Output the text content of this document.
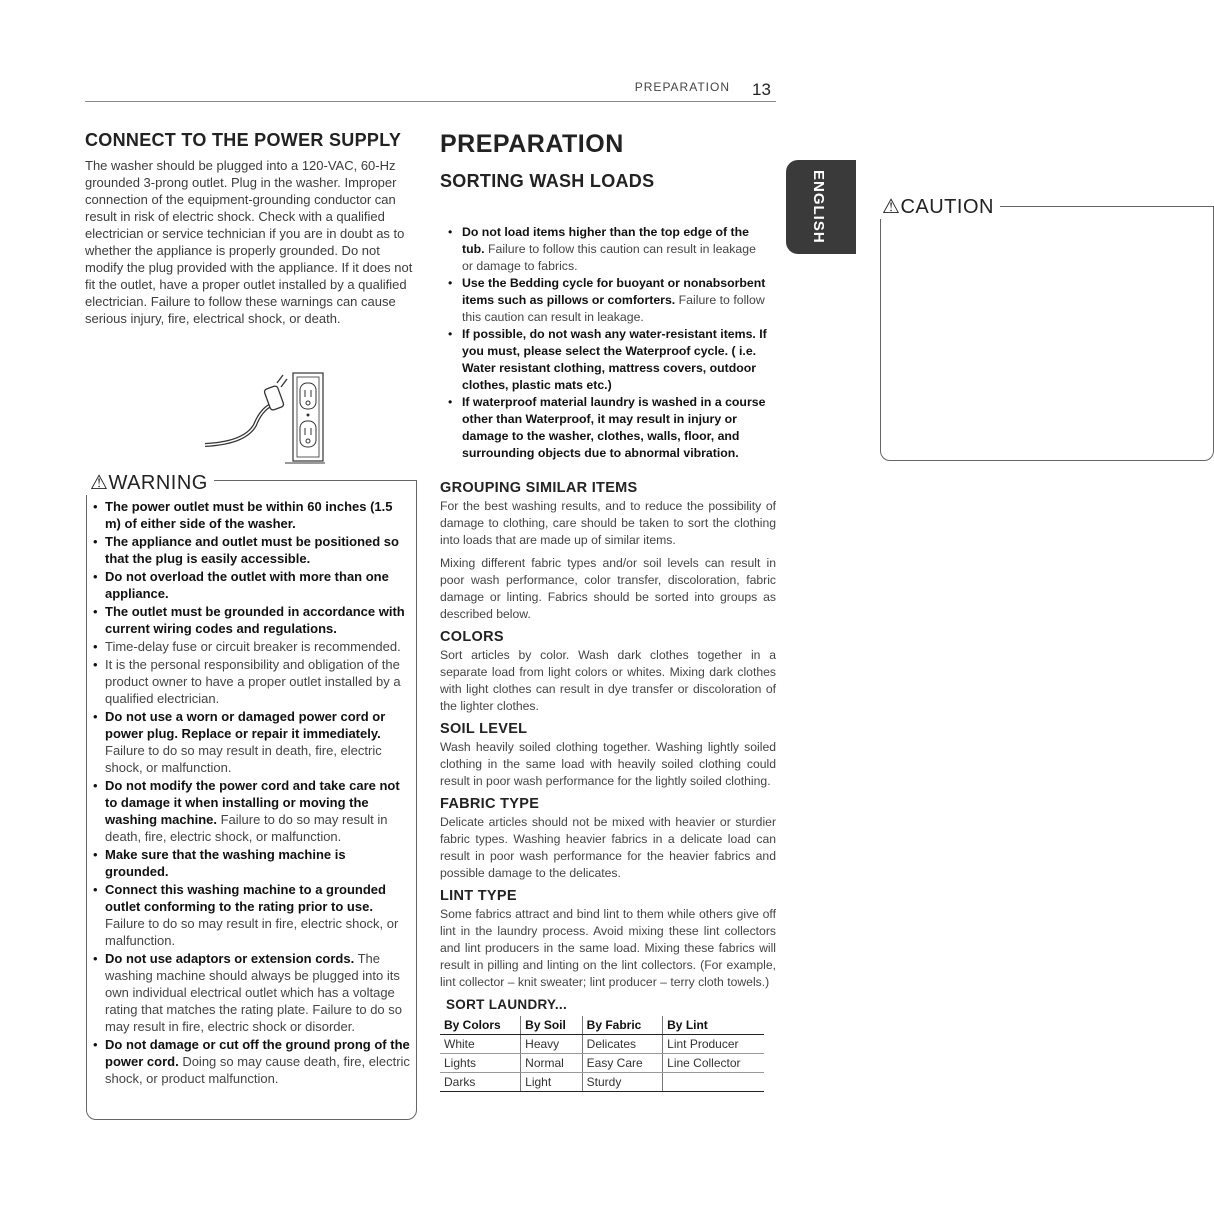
PREPARATION 13
ENGLISH
CONNECT TO THE POWER SUPPLY

The washer should be plugged into a 120-VAC, 60-Hz grounded 3-prong outlet. Plug in the washer. Improper connection of the equipment-grounding conductor can result in risk of electric shock. Check with a qualified electrician or service technician if you are in doubt as to whether the appliance is properly grounded. Do not modify the plug provided with the appliance. If it does not fit the outlet, have a proper outlet installed by a qualified electrician. Failure to follow these warnings can cause serious injury, fire, electrical shock, or death.

⚠WARNING
• The power outlet must be within 60 inches (1.5 m) of either side of the washer.
• The appliance and outlet must be positioned so that the plug is easily accessible.
• Do not overload the outlet with more than one appliance.
• The outlet must be grounded in accordance with current wiring codes and regulations.
• Time-delay fuse or circuit breaker is recommended.
• It is the personal responsibility and obligation of the product owner to have a proper outlet installed by a qualified electrician.
• Do not use a worn or damaged power cord or power plug. Replace or repair it immediately. Failure to do so may result in death, fire, electric shock, or malfunction.
• Do not modify the power cord and take care not to damage it when installing or moving the washing machine. Failure to do so may result in death, fire, electric shock, or malfunction.
• Make sure that the washing machine is grounded.
• Connect this washing machine to a grounded outlet conforming to the rating prior to use. Failure to do so may result in fire, electric shock, or malfunction.
• Do not use adaptors or extension cords. The washing machine should always be plugged into its own individual electrical outlet which has a voltage rating that matches the rating plate. Failure to do so may result in fire, electric shock or disorder.
• Do not damage or cut off the ground prong of the power cord. Doing so may cause death, fire, electric shock, or product malfunction.
PREPARATION
SORTING WASH LOADS
⚠CAUTION
• Do not load items higher than the top edge of the tub. Failure to follow this caution can result in leakage or damage to fabrics.
• Use the Bedding cycle for buoyant or nonabsorbent items such as pillows or comforters. Failure to follow this caution can result in leakage.
• If possible, do not wash any water-resistant items. If you must, please select the Waterproof cycle. ( i.e. Water resistant clothing, mattress covers, outdoor clothes, plastic mats etc.)
• If waterproof material laundry is washed in a course other than Waterproof, it may result in injury or damage to the washer, clothes, walls, floor, and surrounding objects due to abnormal vibration.
GROUPING SIMILAR ITEMS

For the best washing results, and to reduce the possibility of damage to clothing, care should be taken to sort the clothing into loads that are made up of similar items.

Mixing different fabric types and/or soil levels can result in poor wash performance, color transfer, discoloration, fabric damage or linting. Fabrics should be sorted into groups as described below.

COLORS

Sort articles by color. Wash dark clothes together in a separate load from light colors or whites. Mixing dark clothes with light clothes can result in dye transfer or discoloration of the lighter clothes.

SOIL LEVEL

Wash heavily soiled clothing together. Washing lightly soiled clothing in the same load with heavily soiled clothing could result in poor wash performance for the lightly soiled clothing.

FABRIC TYPE

Delicate articles should not be mixed with heavier or sturdier fabric types. Washing heavier fabrics in a delicate load can result in poor wash performance for the heavier fabrics and possible damage to the delicates.

LINT TYPE

Some fabrics attract and bind lint to them while others give off lint in the laundry process. Avoid mixing these lint collectors and lint producers in the same load. Mixing these fabrics will result in pilling and linting on the lint collectors. (For example, lint collector – knit sweater; lint producer – terry cloth towels.)

SORT LAUNDRY...
By Colors	By Soil	By Fabric	By Lint
White	Heavy	Delicates	Lint Producer
Lights	Normal	Easy Care	Line Collector
Darks	Light	Sturdy	
